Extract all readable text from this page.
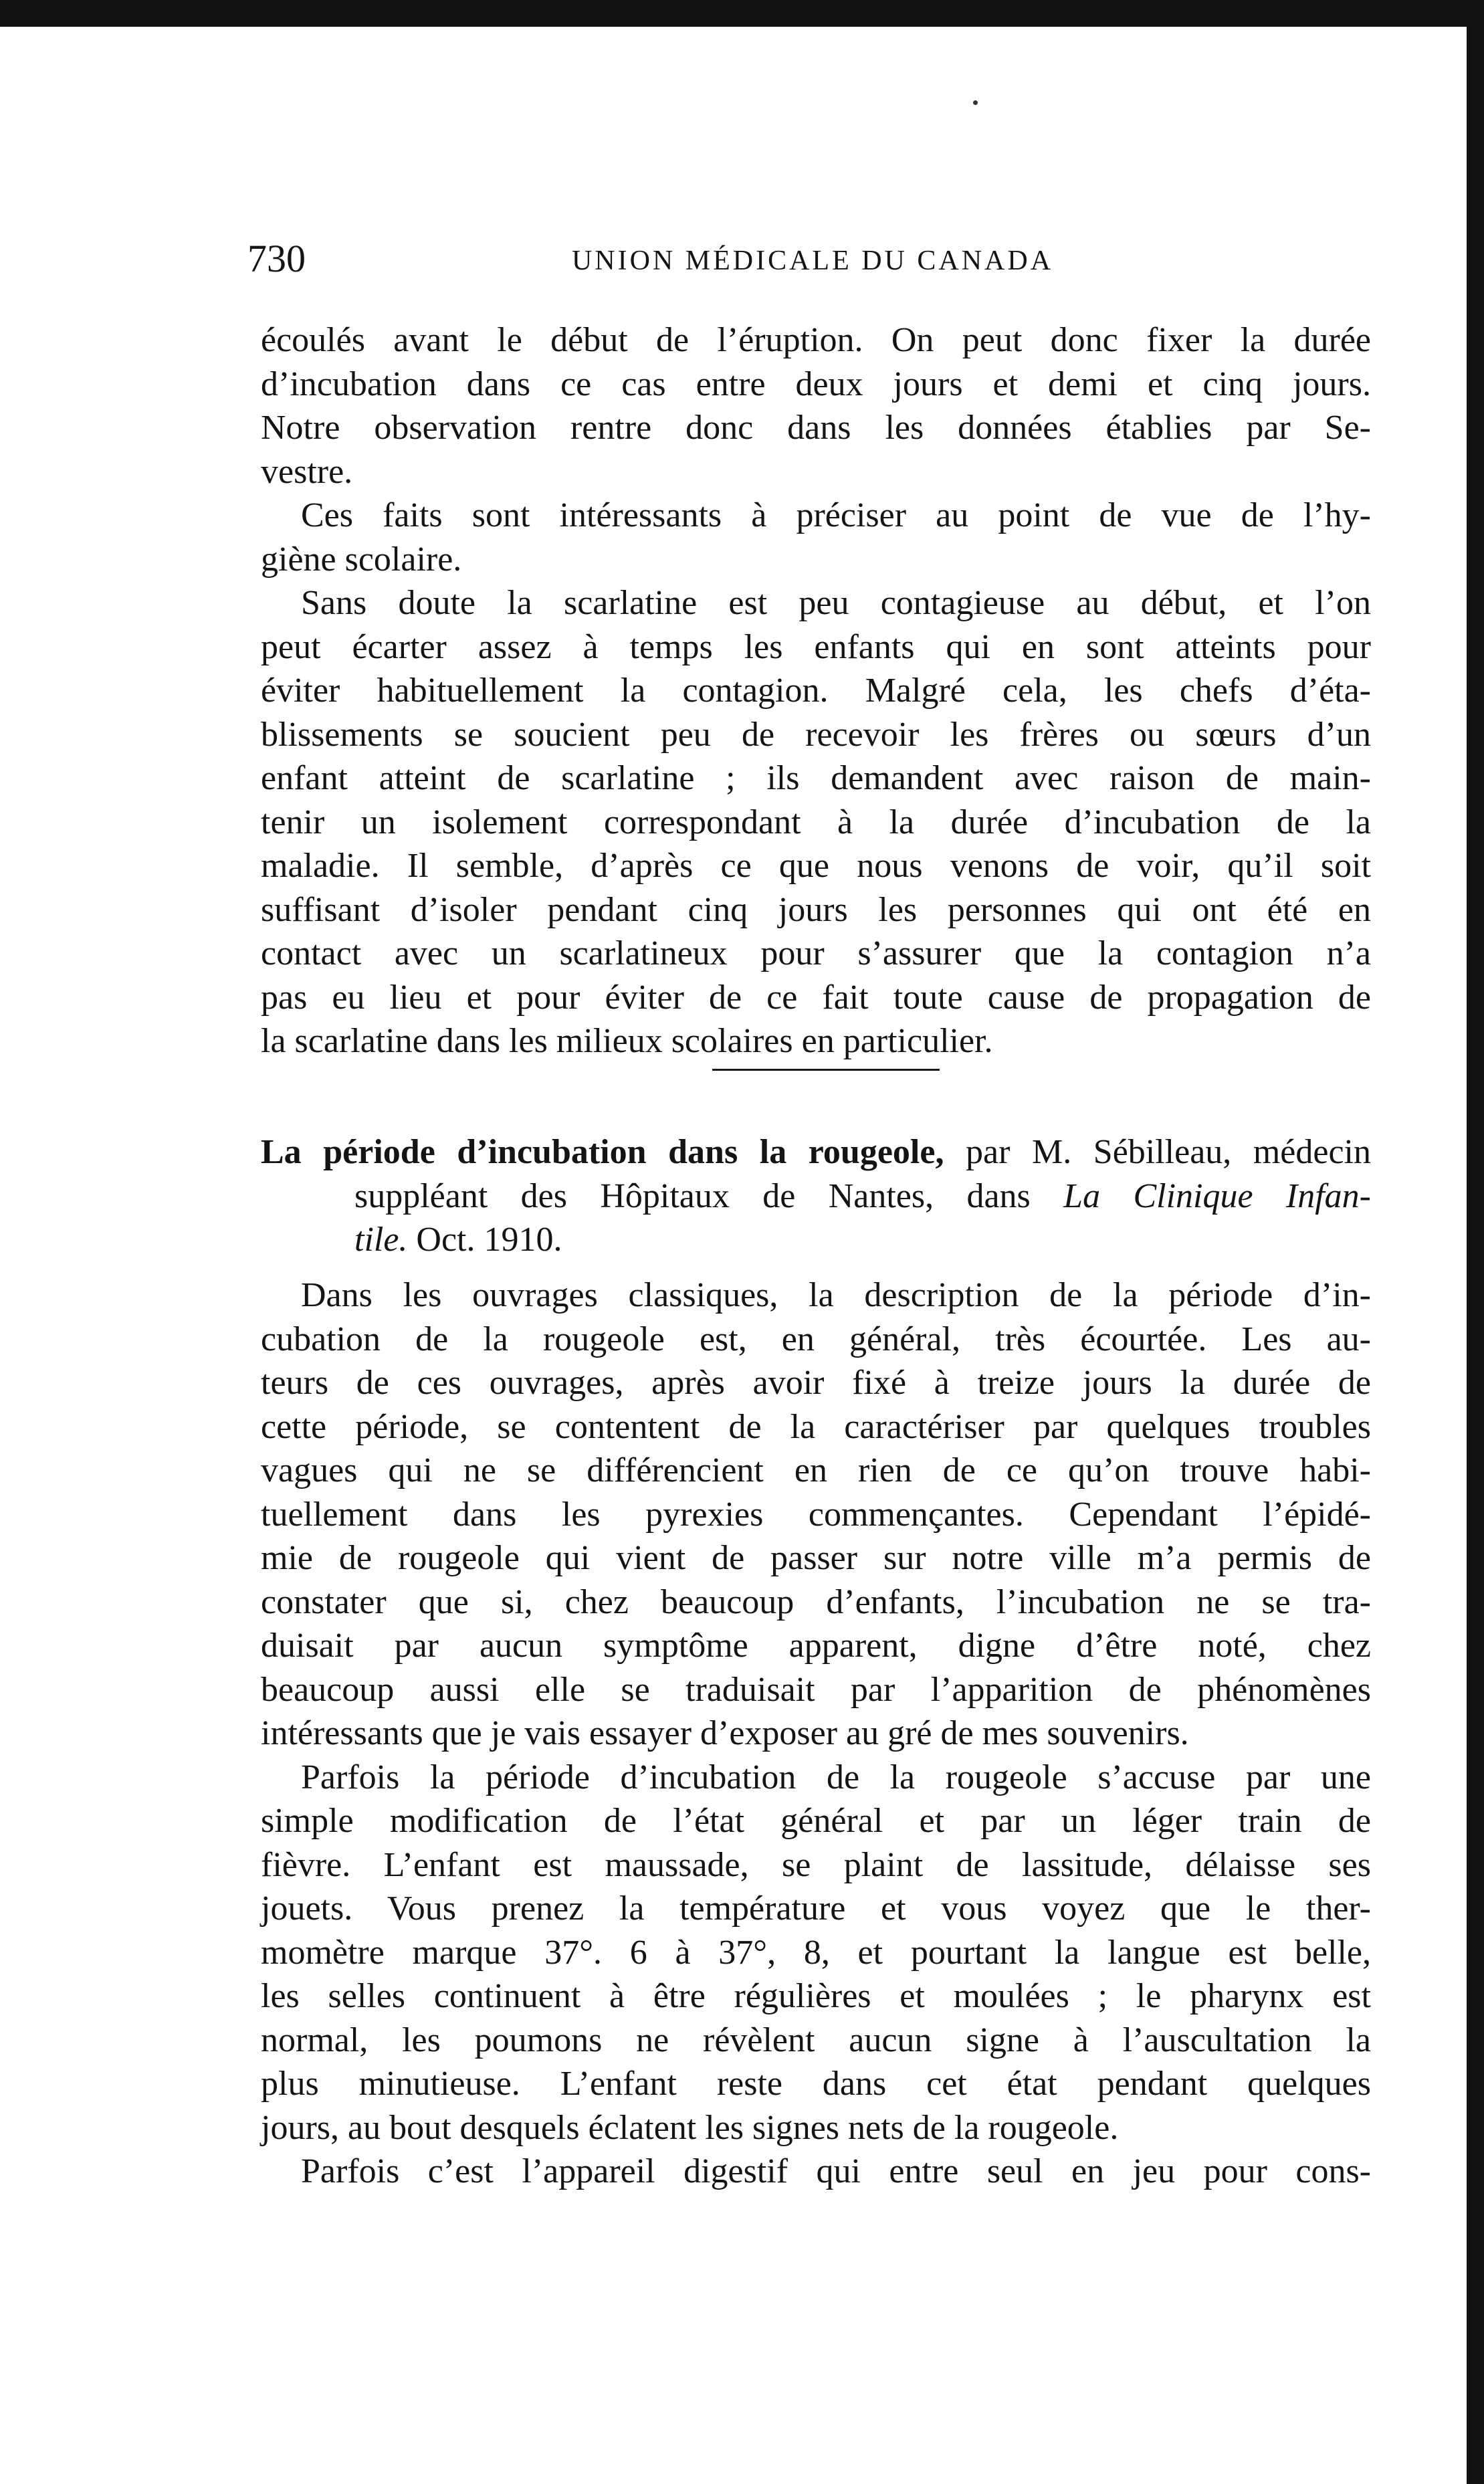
730	UNION MÉDICALE DU CANADA
écoulés avant le début de l’éruption. On peut donc fixer la durée
d’incubation dans ce cas entre deux jours et demi et cinq jours.
Notre observation rentre donc dans les données établies par Se-
vestre.
Ces faits sont intéressants à préciser au point de vue de l’hy-
giène scolaire.
Sans doute la scarlatine est peu contagieuse au début, et l’on
peut écarter assez à temps les enfants qui en sont atteints pour
éviter habituellement la contagion. Malgré cela, les chefs d’éta-
blissements se soucient peu de recevoir les frères ou sœurs d’un
enfant atteint de scarlatine ; ils demandent avec raison de main-
tenir un isolement correspondant à la durée d’incubation de la
maladie. Il semble, d’après ce que nous venons de voir, qu’il soit
suffisant d’isoler pendant cinq jours les personnes qui ont été en
contact avec un scarlatineux pour s’assurer que la contagion n’a
pas eu lieu et pour éviter de ce fait toute cause de propagation de
la scarlatine dans les milieux scolaires en particulier.
La période d’incubation dans la rougeole, par M. Sébilleau, médecin
suppléant des Hôpitaux de Nantes, dans La Clinique Infan-
tile. Oct. 1910.
Dans les ouvrages classiques, la description de la période d’in-
cubation de la rougeole est, en général, très écourtée. Les au-
teurs de ces ouvrages, après avoir fixé à treize jours la durée de
cette période, se contentent de la caractériser par quelques troubles
vagues qui ne se différencient en rien de ce qu’on trouve habi-
tuellement dans les pyrexies commençantes. Cependant l’épidé-
mie de rougeole qui vient de passer sur notre ville m’a permis de
constater que si, chez beaucoup d’enfants, l’incubation ne se tra-
duisait par aucun symptôme apparent, digne d’être noté, chez
beaucoup aussi elle se traduisait par l’apparition de phénomènes
intéressants que je vais essayer d’exposer au gré de mes souvenirs.
Parfois la période d’incubation de la rougeole s’accuse par une
simple modification de l’état général et par un léger train de
fièvre. L’enfant est maussade, se plaint de lassitude, délaisse ses
jouets. Vous prenez la température et vous voyez que le ther-
momètre marque 37°. 6 à 37°, 8, et pourtant la langue est belle,
les selles continuent à être régulières et moulées ; le pharynx est
normal, les poumons ne révèlent aucun signe à l’auscultation la
plus minutieuse. L’enfant reste dans cet état pendant quelques
jours, au bout desquels éclatent les signes nets de la rougeole.
Parfois c’est l’appareil digestif qui entre seul en jeu pour cons-
